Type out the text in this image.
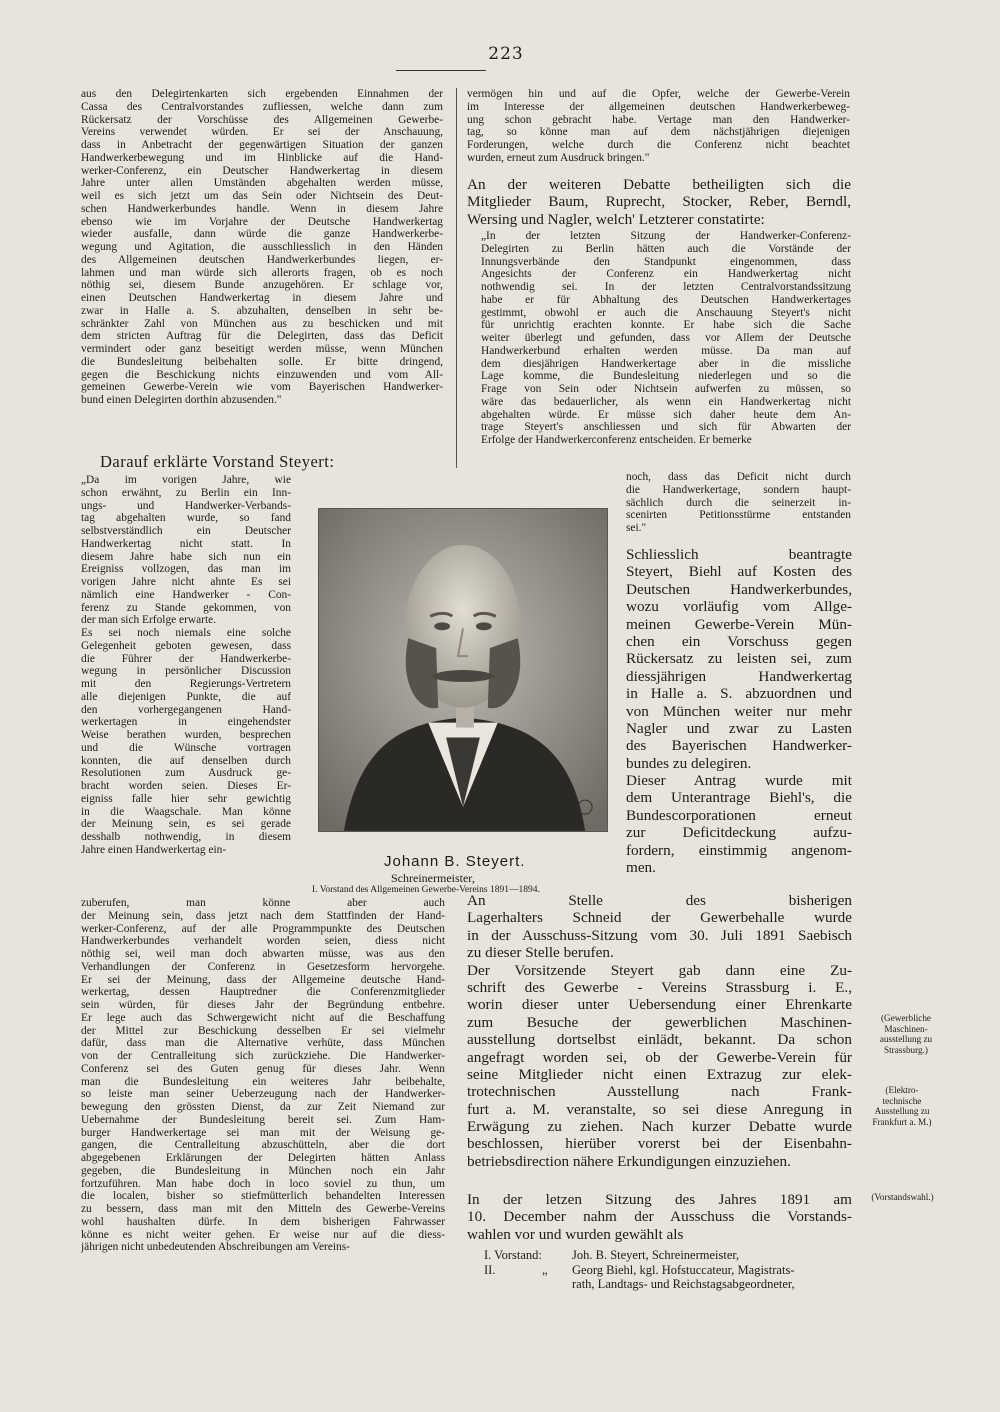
223

aus den Delegirtenkarten sich ergebenden Einnahmen der

Cassa des Centralvorstandes zufliessen, welche dann zum

Rückersatz der Vorschüsse des Allgemeinen Gewerbe-

Vereins verwendet würden. Er sei der Anschauung,

dass in Anbetracht der gegenwärtigen Situation der ganzen

Handwerkerbewegung und im Hinblicke auf die Hand-

werker-Conferenz, ein Deutscher Handwerkertag in diesem

Jahre unter allen Umständen abgehalten werden müsse,

weil es sich jetzt um das Sein oder Nichtsein des Deut-

schen Handwerkerbundes handle. Wenn in diesem Jahre

ebenso wie im Vorjahre der Deutsche Handwerkertag

wieder ausfalle, dann würde die ganze Handwerkerbe-

wegung und Agitation, die ausschliesslich in den Händen

des Allgemeinen deutschen Handwerkerbundes liegen, er-

lahmen und man würde sich allerorts fragen, ob es noch

nöthig sei, diesem Bunde anzugehören. Er schlage vor,

einen Deutschen Handwerkertag in diesem Jahre und

zwar in Halle a. S. abzuhalten, denselben in sehr be-

schränkter Zahl von München aus zu beschicken und mit

dem stricten Auftrag für die Delegirten, dass das Deficit

vermindert oder ganz beseitigt werden müsse, wenn München

die Bundesleitung beibehalten solle. Er bitte dringend,

gegen die Beschickung nichts einzuwenden und vom All-

gemeinen Gewerbe-Verein wie vom Bayerischen Handwerker-

bund einen Delegirten dorthin abzusenden."

Darauf erklärte Vorstand Steyert:

„Da im vorigen Jahre, wie

schon erwähnt, zu Berlin ein Inn-

ungs- und Handwerker-Verbands-

tag abgehalten wurde, so fand

selbstverständlich ein Deutscher

Handwerkertag nicht statt. In

diesem Jahre habe sich nun ein

Ereigniss vollzogen, das man im

vorigen Jahre nicht ahnte Es sei

nämlich eine Handwerker - Con-

ferenz zu Stande gekommen, von

der man sich Erfolge erwarte.

Es sei noch niemals eine solche

Gelegenheit geboten gewesen, dass

die Führer der Handwerkerbe-

wegung in persönlicher Discussion

mit den Regierungs-Vertretern

alle diejenigen Punkte, die auf

den vorhergegangenen Hand-

werkertagen in eingehendster

Weise berathen wurden, besprechen

und die Wünsche vortragen

konnten, die auf denselben durch

Resolutionen zum Ausdruck ge-

bracht worden seien. Dieses Er-

eigniss falle hier sehr gewichtig

in die Waagschale. Man könne

der Meinung sein, es sei gerade

desshalb nothwendig, in diesem

Jahre einen Handwerkertag ein-

zuberufen, man könne aber auch

der Meinung sein, dass jetzt nach dem Stattfinden der Hand-

werker-Conferenz, auf der alle Programmpunkte des Deutschen

Handwerkerbundes verhandelt worden seien, diess nicht

nöthig sei, weil man doch abwarten müsse, was aus den

Verhandlungen der Conferenz in Gesetzesform hervorgehe.

Er sei der Meinung, dass der Allgemeine deutsche Hand-

werkertag, dessen Hauptredner die Conferenzmitglieder

sein würden, für dieses Jahr der Begründung entbehre.

Er lege auch das Schwergewicht nicht auf die Beschaffung

der Mittel zur Beschickung desselben Er sei vielmehr

dafür, dass man die Alternative verhüte, dass München

von der Centralleitung sich zurückziehe. Die Handwerker-

Conferenz sei des Guten genug für dieses Jahr. Wenn

man die Bundesleitung ein weiteres Jahr beibehalte,

so leiste man seiner Ueberzeugung nach der Handwerker-

bewegung den grössten Dienst, da zur Zeit Niemand zur

Uebernahme der Bundesleitung bereit sei. Zum Ham-

burger Handwerkertage sei man mit der Weisung ge-

gangen, die Centralleitung abzuschütteln, aber die dort

abgegebenen Erklärungen der Delegirten hätten Anlass

gegeben, die Bundesleitung in München noch ein Jahr

fortzuführen. Man habe doch in loco soviel zu thun, um

die localen, bisher so stiefmütterlich behandelten Interessen

zu bessern, dass man mit den Mitteln des Gewerbe-Vereins

wohl haushalten dürfe. In dem bisherigen Fahrwasser

könne es nicht weiter gehen. Er weise nur auf die diess-

jährigen nicht unbedeutenden Abschreibungen am Vereins-

Johann B. Steyert.
Schreinermeister,
I. Vorstand des Allgemeinen Gewerbe-Vereins 1891—1894.

vermögen hin und auf die Opfer, welche der Gewerbe-Verein

im Interesse der allgemeinen deutschen Handwerkerbeweg-

ung schon gebracht habe. Vertage man den Handwerker-

tag, so könne man auf dem nächstjährigen diejenigen

Forderungen, welche durch die Conferenz nicht beachtet

wurden, erneut zum Ausdruck bringen."

An der weiteren Debatte betheiligten sich die

Mitglieder Baum, Ruprecht, Stocker, Reber, Berndl,

Wersing und Nagler, welch' Letzterer constatirte:

„In der letzten Sitzung der Handwerker-Conferenz-

Delegirten zu Berlin hätten auch die Vorstände der

Innungsverbände den Standpunkt eingenommen, dass

Angesichts der Conferenz ein Handwerkertag nicht

nothwendig sei. In der letzten Centralvorstandssitzung

habe er für Abhaltung des Deutschen Handwerkertages

gestimmt, obwohl er auch die Anschauung Steyert's nicht

für unrichtig erachten konnte. Er habe sich die Sache

weiter überlegt und gefunden, dass vor Allem der Deutsche

Handwerkerbund erhalten werden müsse. Da man auf

dem diesjährigen Handwerkertage aber in die missliche

Lage komme, die Bundesleitung niederlegen und so die

Frage von Sein oder Nichtsein aufwerfen zu müssen, so

wäre das bedauerlicher, als wenn ein Handwerkertag nicht

abgehalten würde. Er müsse sich daher heute dem An-

trage Steyert's anschliessen und sich für Abwarten der

Erfolge der Handwerkerconferenz entscheiden. Er bemerke

noch, dass das Deficit nicht durch

die Handwerkertage, sondern haupt-

sächlich durch die seinerzeit in-

scenirten Petitionsstürme entstanden

sei."

Schliesslich beantragte

Steyert, Biehl auf Kosten des

Deutschen Handwerkerbundes,

wozu vorläufig vom Allge-

meinen Gewerbe-Verein Mün-

chen ein Vorschuss gegen

Rückersatz zu leisten sei, zum

diessjährigen Handwerkertag

in Halle a. S. abzuordnen und

von München weiter nur mehr

Nagler und zwar zu Lasten

des Bayerischen Handwerker-

bundes zu delegiren.

Dieser Antrag wurde mit

dem Unterantrage Biehl's, die

Bundescorporationen erneut

zur Deficitdeckung aufzu-

fordern, einstimmig angenom-

men.

An Stelle des bisherigen

Lagerhalters Schneid der Gewerbehalle wurde

in der Ausschuss-Sitzung vom 30. Juli 1891 Saebisch

zu dieser Stelle berufen.

Der Vorsitzende Steyert gab dann eine Zu-

schrift des Gewerbe - Vereins Strassburg i. E.,

worin dieser unter Uebersendung einer Ehrenkarte

zum Besuche der gewerblichen Maschinen-

ausstellung dortselbst einlädt, bekannt. Da schon

angefragt worden sei, ob der Gewerbe-Verein für

seine Mitglieder nicht einen Extrazug zur elek-

trotechnischen Ausstellung nach Frank-

furt a. M. veranstalte, so sei diese Anregung in

Erwägung zu ziehen. Nach kurzer Debatte wurde

beschlossen, hierüber vorerst bei der Eisenbahn-

betriebsdirection nähere Erkundigungen einzuziehen.

In der letzen Sitzung des Jahres 1891 am

10. December nahm der Ausschuss die Vorstands-

wahlen vor und wurden gewählt als

I. Vorstand: Joh. B. Steyert, Schreinermeister,
II.	„ Georg Biehl, kgl. Hofstuccateur, Magistrats-
rath, Landtags- und Reichstagsabgeordneter,
(Gewerbliche
Maschinen-
ausstellung zu
Strassburg.)
(Elektro-
technische
Ausstellung zu
Frankfurt a. M.)
(Vorstandswahl.)
